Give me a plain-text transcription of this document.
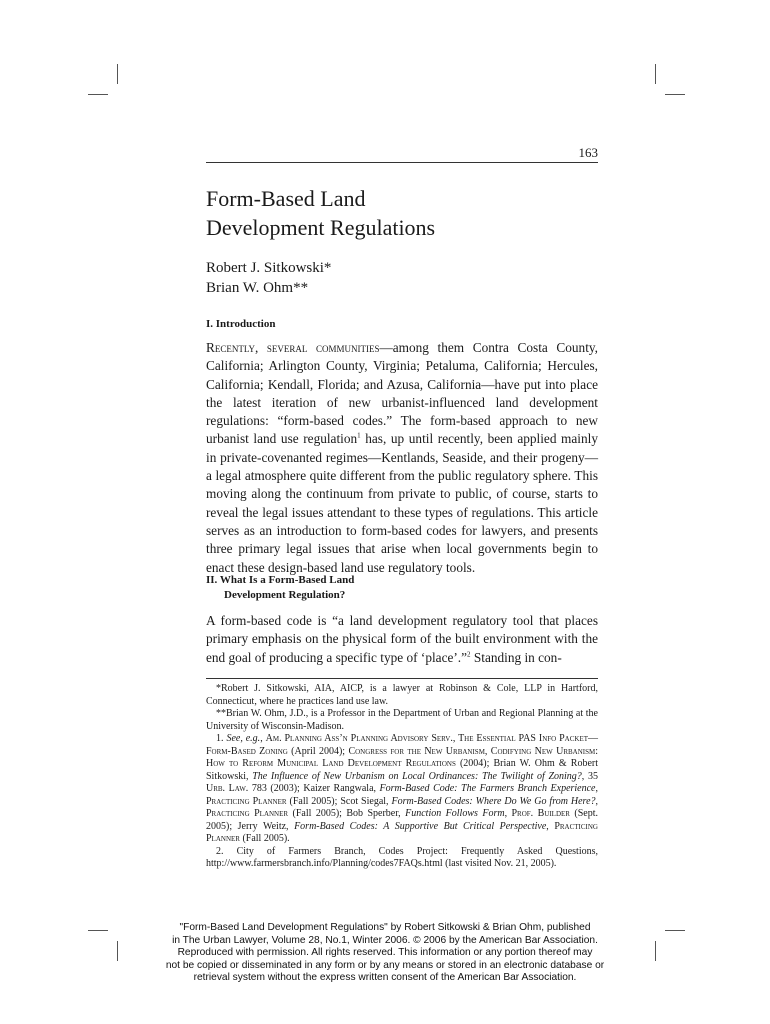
163
Form-Based Land
Development Regulations
Robert J. Sitkowski*
Brian W. Ohm**
I. Introduction

Recently, several communities—among them Contra Costa County, California; Arlington County, Virginia; Petaluma, California; Hercules, California; Kendall, Florida; and Azusa, California—have put into place the latest iteration of new urbanist-influenced land development regulations: “form-based codes.” The form-based approach to new urbanist land use regulation$^1$ has, up until recently, been applied mainly in private-covenanted regimes—Kentlands, Seaside, and their progeny—a legal atmosphere quite different from the public regulatory sphere. This moving along the continuum from private to public, of course, starts to reveal the legal issues attendant to these types of regulations. This article serves as an introduction to form-based codes for lawyers, and presents three primary legal issues that arise when local governments begin to enact these design-based land use regulatory tools.

II. What Is a Form-Based Land
Development Regulation?

A form-based code is “a land development regulatory tool that places primary emphasis on the physical form of the built environment with the end goal of producing a specific type of ‘place’.”$^2$ Standing in con-

*Robert J. Sitkowski, AIA, AICP, is a lawyer at Robinson & Cole, LLP in Hartford, Connecticut, where he practices land use law.

**Brian W. Ohm, J.D., is a Professor in the Department of Urban and Regional Planning at the University of Wisconsin-Madison.

1. See, e.g., Am. Planning Ass’n Planning Advisory Serv., The Essential PAS Info Packet—Form-Based Zoning (April 2004); Congress for the New Urbanism, Codifying New Urbanism: How to Reform Municipal Land Development Regulations (2004); Brian W. Ohm & Robert Sitkowski, The Influence of New Urbanism on Local Ordinances: The Twilight of Zoning?, 35 Urb. Law. 783 (2003); Kaizer Rangwala, Form-Based Code: The Farmers Branch Experience, Practicing Planner (Fall 2005); Scot Siegal, Form-Based Codes: Where Do We Go from Here?, Practicing Planner (Fall 2005); Bob Sperber, Function Follows Form, Prof. Builder (Sept. 2005); Jerry Weitz, Form-Based Codes: A Supportive But Critical Perspective, Practicing Planner (Fall 2005).

2. City of Farmers Branch, Codes Project: Frequently Asked Questions, http://www.farmersbranch.info/Planning/codes7FAQs.html (last visited Nov. 21, 2005).

"Form-Based Land Development Regulations" by Robert Sitkowski & Brian Ohm, published
in The Urban Lawyer, Volume 28, No.1, Winter 2006. © 2006 by the American Bar Association.
Reproduced with permission. All rights reserved. This information or any portion thereof may
not be copied or disseminated in any form or by any means or stored in an electronic database or
retrieval system without the express written consent of the American Bar Association.
